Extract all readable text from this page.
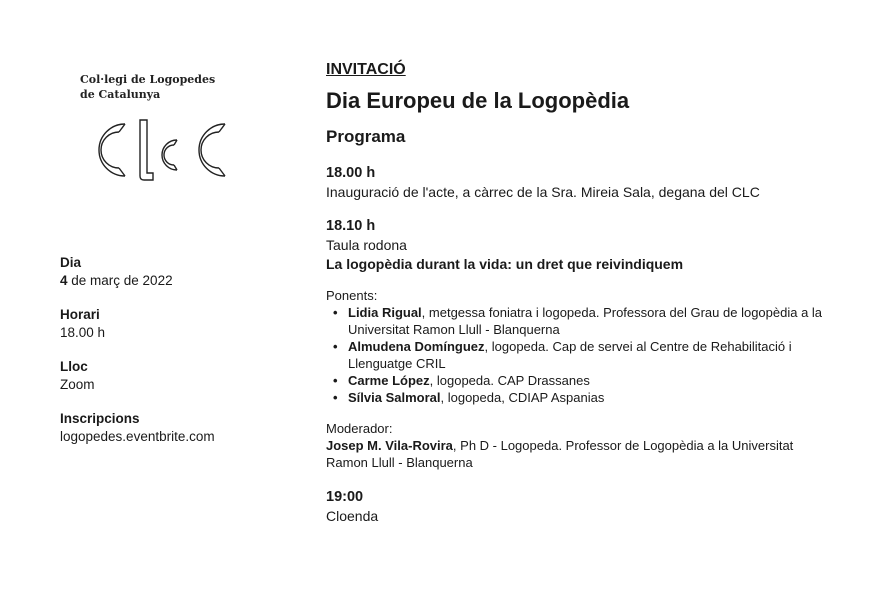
Col·legi de Logopedes
de Catalunya
Dia
4 de març de 2022
Horari
18.00 h
Lloc
Zoom
Inscripcions
logopedes.eventbrite.com
INVITACIÓ
Dia Europeu de la Logopèdia
Programa
18.00 h
Inauguració de l'acte, a càrrec de la Sra. Mireia Sala, degana del CLC
18.10 h
Taula rodona
La logopèdia durant la vida: un dret que reivindiquem
Ponents:
• Lidia Rigual, metgessa foniatra i logopeda. Professora del Grau de logopèdia a la Universitat Ramon Llull - Blanquerna
• Almudena Domínguez, logopeda. Cap de servei al Centre de Rehabilitació i Llenguatge CRIL
• Carme López, logopeda. CAP Drassanes
• Sílvia Salmoral, logopeda, CDIAP Aspanias
Moderador:
Josep M. Vila-Rovira, Ph D - Logopeda. Professor de Logopèdia a la Universitat Ramon Llull - Blanquerna
19:00
Cloenda
